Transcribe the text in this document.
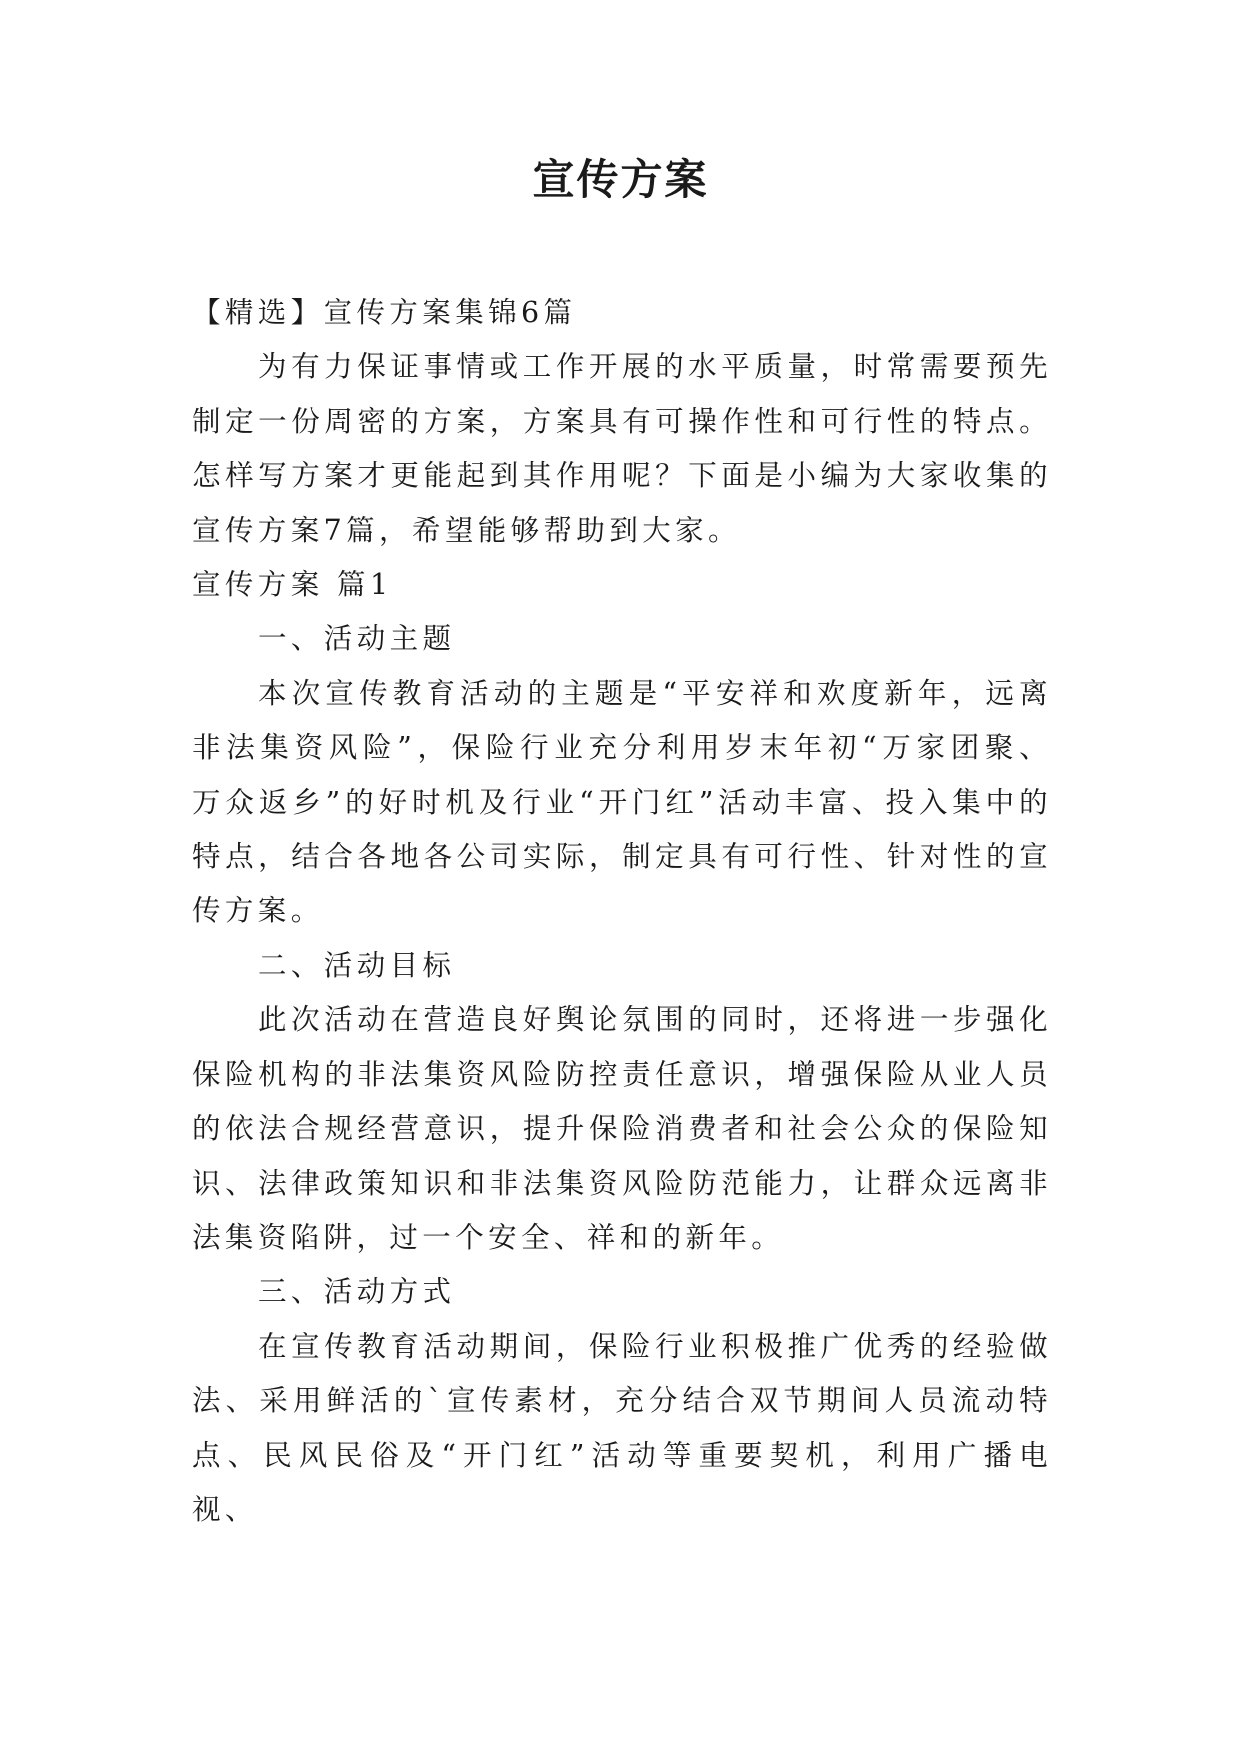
宣传方案

【精选】宣传方案集锦6篇

为有力保证事情或工作开展的水平质量，时常需要预先制定一份周密的方案，方案具有可操作性和可行性的特点。怎样写方案才更能起到其作用呢？下面是小编为大家收集的宣传方案7篇，希望能够帮助到大家。

宣传方案 篇1

一、活动主题

本次宣传教育活动的主题是“平安祥和欢度新年，远离非法集资风险”，保险行业充分利用岁末年初“万家团聚、万众返乡”的好时机及行业“开门红”活动丰富、投入集中的特点，结合各地各公司实际，制定具有可行性、针对性的宣传方案。

二、活动目标

此次活动在营造良好舆论氛围的同时，还将进一步强化保险机构的非法集资风险防控责任意识，增强保险从业人员的依法合规经营意识，提升保险消费者和社会公众的保险知识、法律政策知识和非法集资风险防范能力，让群众远离非法集资陷阱，过一个安全、祥和的新年。

三、活动方式

在宣传教育活动期间，保险行业积极推广优秀的经验做法、采用鲜活的`宣传素材，充分结合双节期间人员流动特点、民风民俗及“开门红”活动等重要契机，利用广播电视、
